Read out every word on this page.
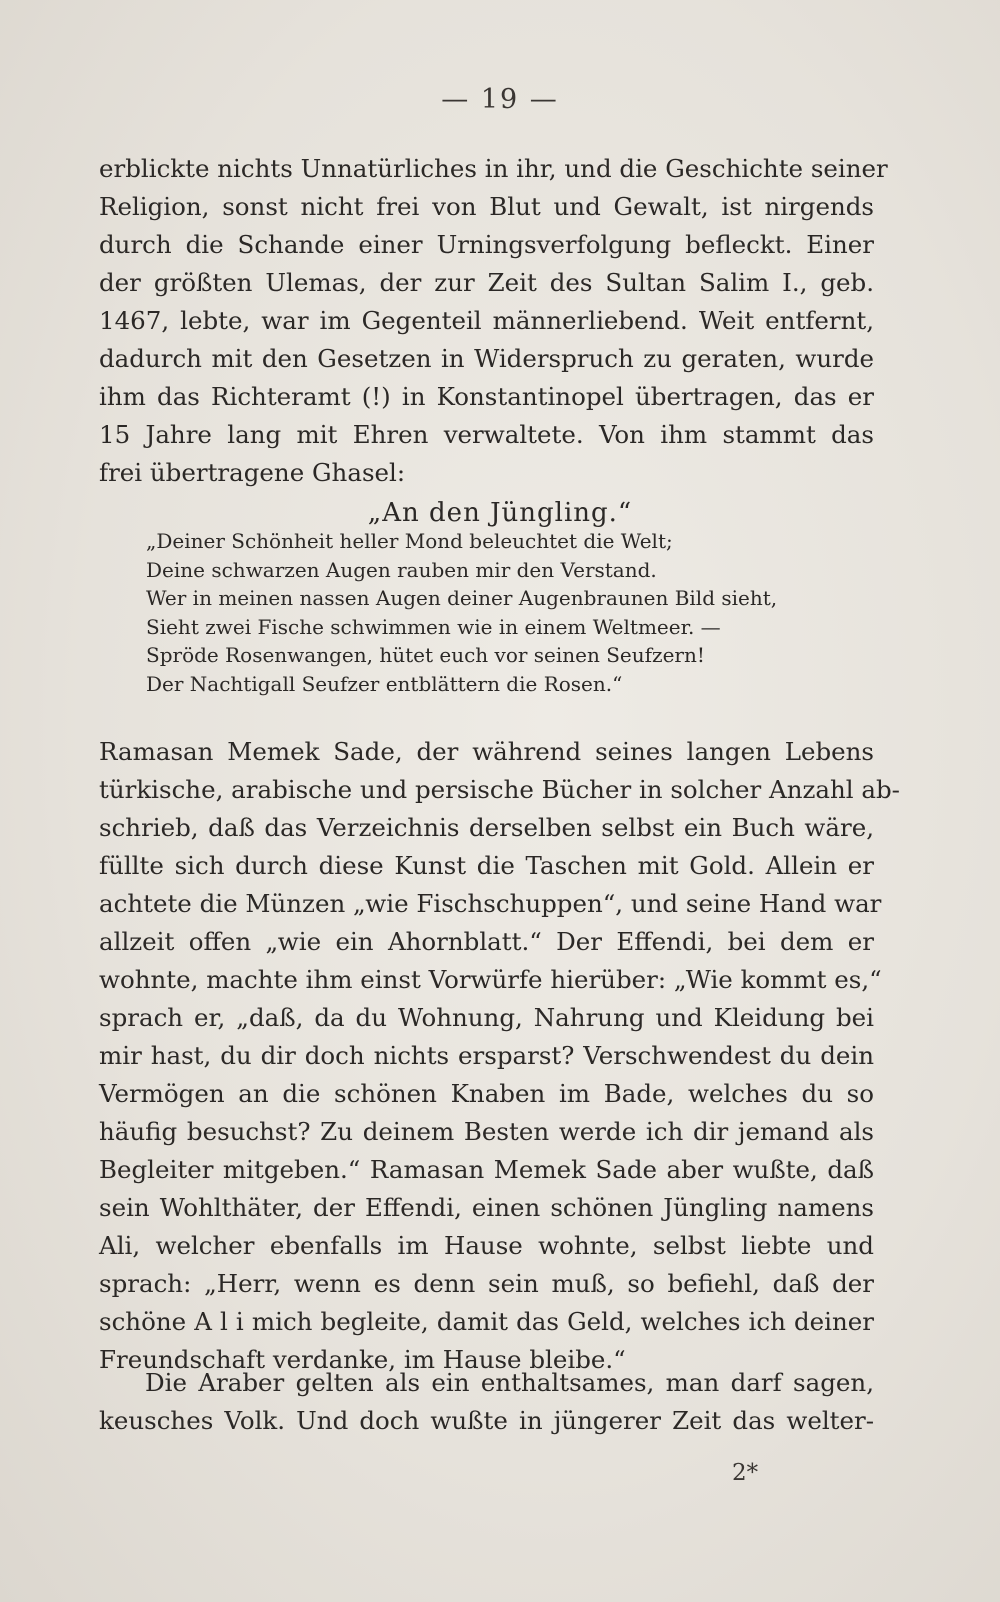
— 19 —
erblickte nichts Unnatürliches in ihr, und die Geschichte seiner
Religion, sonst nicht frei von Blut und Gewalt, ist nirgends
durch die Schande einer Urningsverfolgung befleckt. Einer
der größten Ulemas, der zur Zeit des Sultan Salim I., geb.
1467, lebte, war im Gegenteil männerliebend. Weit entfernt,
dadurch mit den Gesetzen in Widerspruch zu geraten, wurde
ihm das Richteramt (!) in Konstantinopel übertragen, das er
15 Jahre lang mit Ehren verwaltete. Von ihm stammt das
frei übertragene Ghasel:
„An den Jüngling.“
„Deiner Schönheit heller Mond beleuchtet die Welt;
Deine schwarzen Augen rauben mir den Verstand.
Wer in meinen nassen Augen deiner Augenbraunen Bild sieht,
Sieht zwei Fische schwimmen wie in einem Weltmeer. —
Spröde Rosenwangen, hütet euch vor seinen Seufzern!
Der Nachtigall Seufzer entblättern die Rosen.“
Ramasan Memek Sade, der während seines langen Lebens
türkische, arabische und persische Bücher in solcher Anzahl ab-
schrieb, daß das Verzeichnis derselben selbst ein Buch wäre,
füllte sich durch diese Kunst die Taschen mit Gold. Allein er
achtete die Münzen „wie Fischschuppen“, und seine Hand war
allzeit offen „wie ein Ahornblatt.“ Der Effendi, bei dem er
wohnte, machte ihm einst Vorwürfe hierüber: „Wie kommt es,“
sprach er, „daß, da du Wohnung, Nahrung und Kleidung bei
mir hast, du dir doch nichts ersparst? Verschwendest du dein
Vermögen an die schönen Knaben im Bade, welches du so
häufig besuchst? Zu deinem Besten werde ich dir jemand als
Begleiter mitgeben.“ Ramasan Memek Sade aber wußte, daß
sein Wohlthäter, der Effendi, einen schönen Jüngling namens
Ali, welcher ebenfalls im Hause wohnte, selbst liebte und
sprach: „Herr, wenn es denn sein muß, so befiehl, daß der
schöne A l i mich begleite, damit das Geld, welches ich deiner
Freundschaft verdanke, im Hause bleibe.“
Die Araber gelten als ein enthaltsames, man darf sagen,
keusches Volk. Und doch wußte in jüngerer Zeit das welter-
2*
